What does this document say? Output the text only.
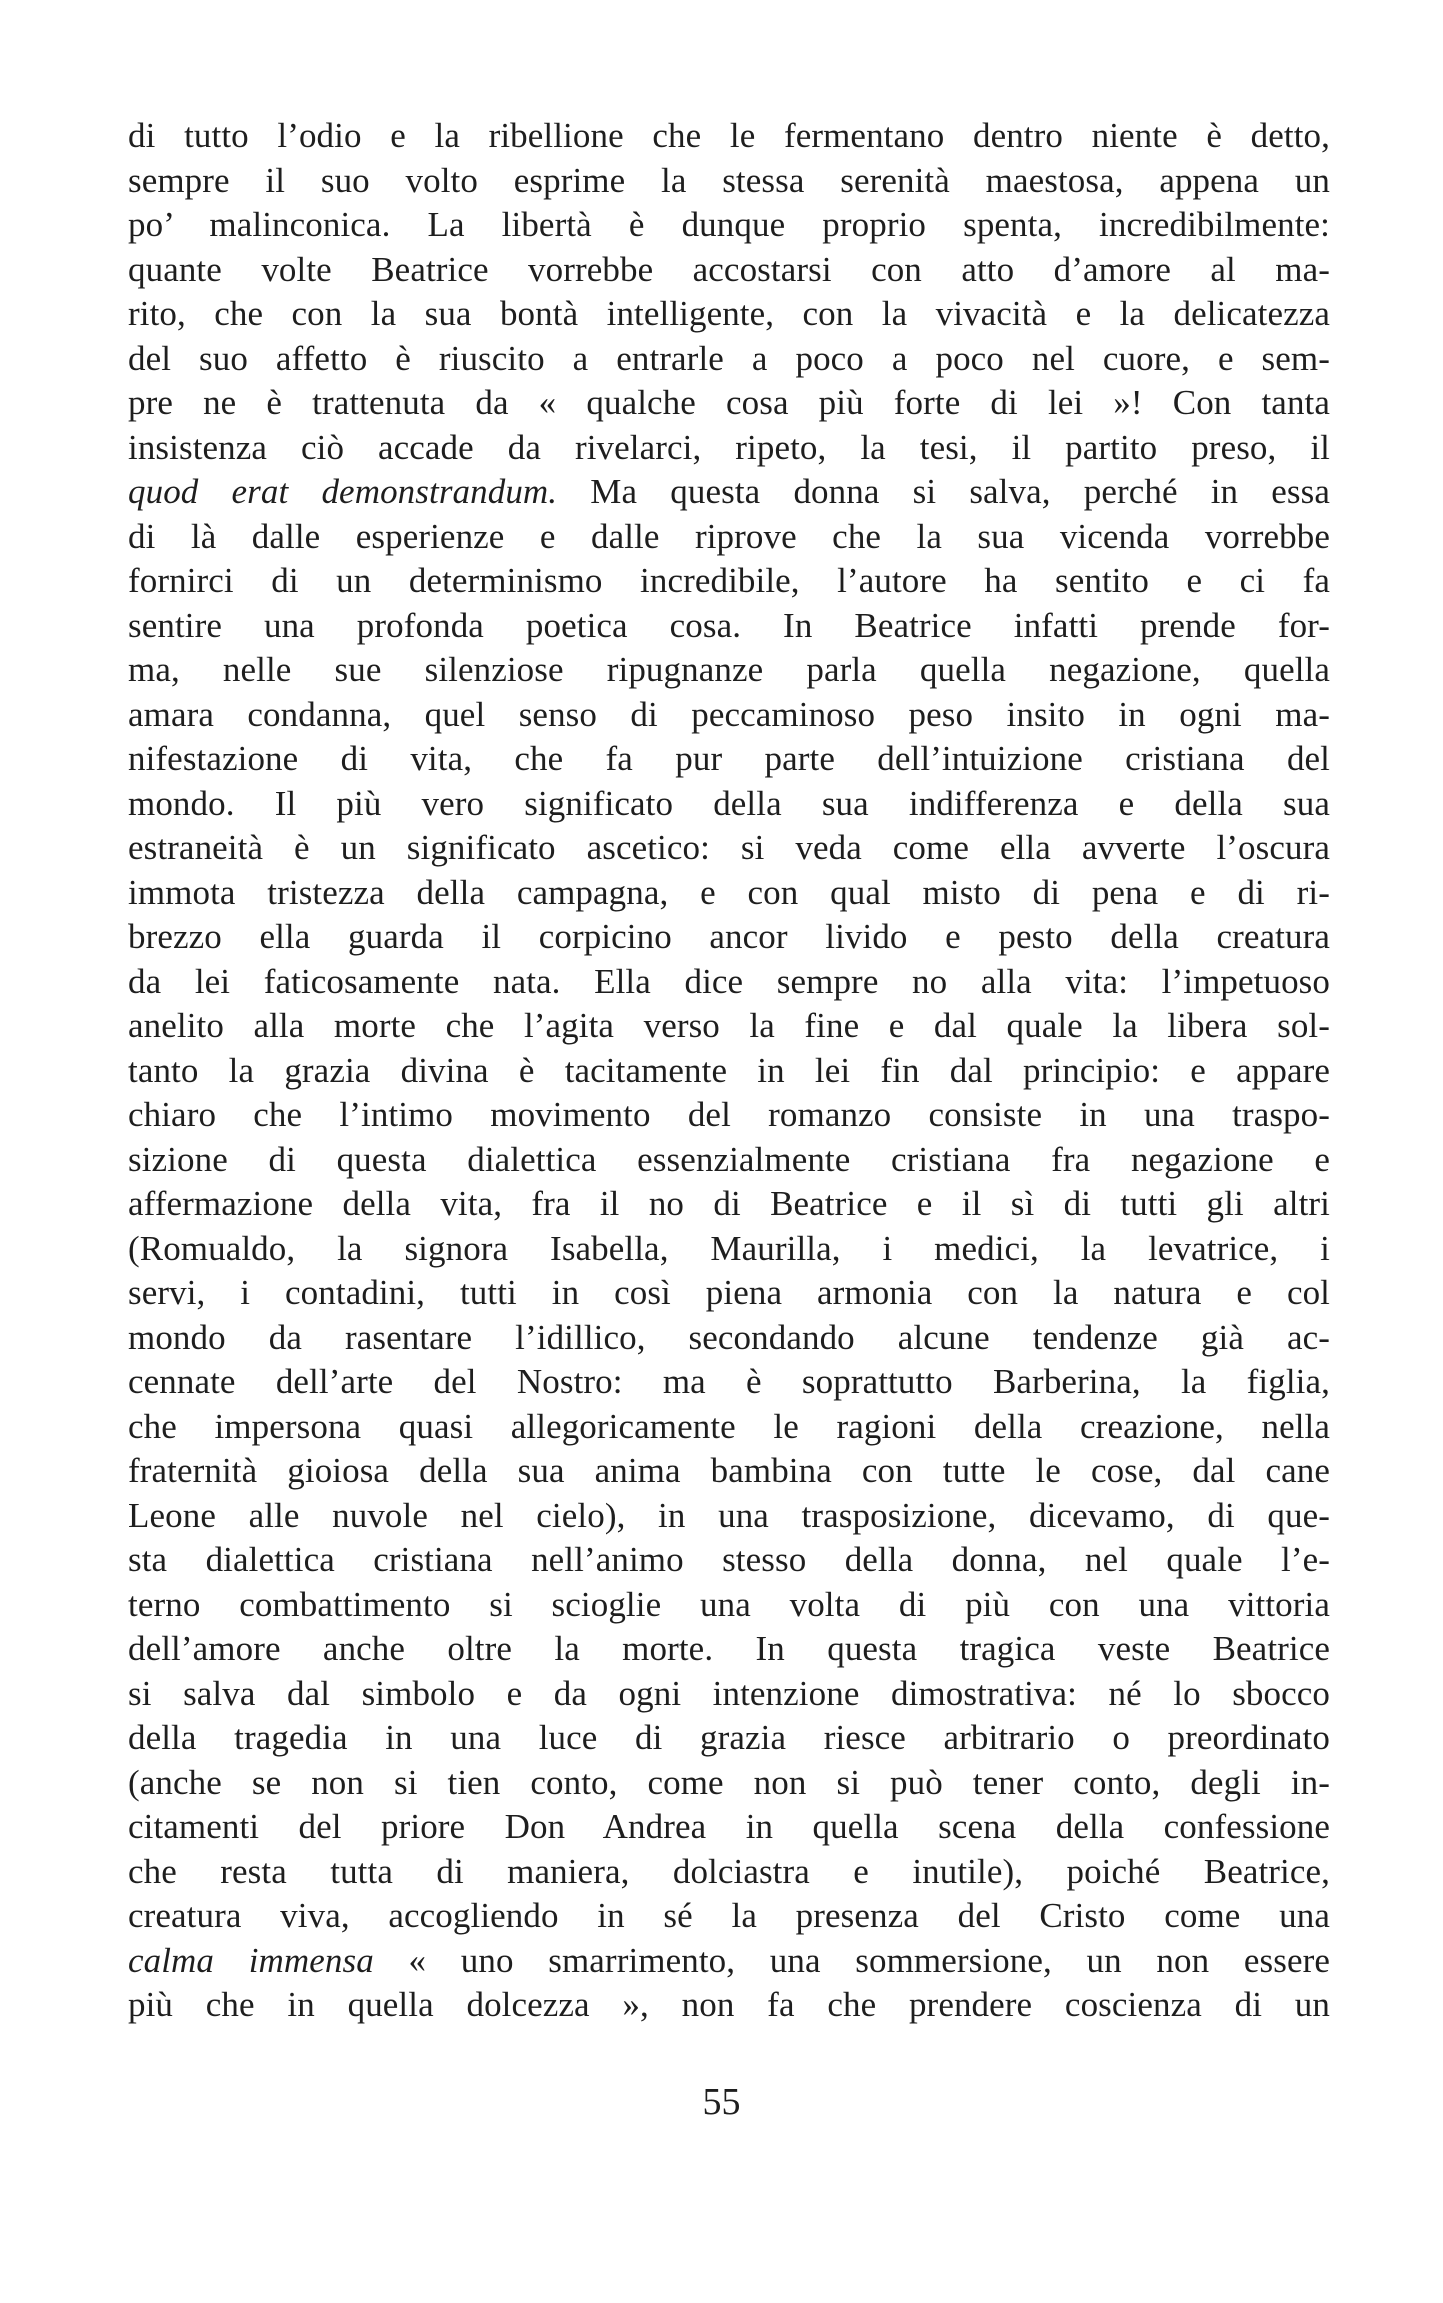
di tutto l’odio e la ribellione che le fermentano dentro niente è detto,
sempre il suo volto esprime la stessa serenità maestosa, appena un
po’ malinconica. La libertà è dunque proprio spenta, incredibilmente:
quante volte Beatrice vorrebbe accostarsi con atto d’amore al ma-
rito, che con la sua bontà intelligente, con la vivacità e la delicatezza
del suo affetto è riuscito a entrarle a poco a poco nel cuore, e sem-
pre ne è trattenuta da « qualche cosa più forte di lei »! Con tanta
insistenza ciò accade da rivelarci, ripeto, la tesi, il partito preso, il
quod erat demonstrandum. Ma questa donna si salva, perché in essa
di là dalle esperienze e dalle riprove che la sua vicenda vorrebbe
fornirci di un determinismo incredibile, l’autore ha sentito e ci fa
sentire una profonda poetica cosa. In Beatrice infatti prende for-
ma, nelle sue silenziose ripugnanze parla quella negazione, quella
amara condanna, quel senso di peccaminoso peso insito in ogni ma-
nifestazione di vita, che fa pur parte dell’intuizione cristiana del
mondo. Il più vero significato della sua indifferenza e della sua
estraneità è un significato ascetico: si veda come ella avverte l’oscura
immota tristezza della campagna, e con qual misto di pena e di ri-
brezzo ella guarda il corpicino ancor livido e pesto della creatura
da lei faticosamente nata. Ella dice sempre no alla vita: l’impetuoso
anelito alla morte che l’agita verso la fine e dal quale la libera sol-
tanto la grazia divina è tacitamente in lei fin dal principio: e appare
chiaro che l’intimo movimento del romanzo consiste in una traspo-
sizione di questa dialettica essenzialmente cristiana fra negazione e
affermazione della vita, fra il no di Beatrice e il sì di tutti gli altri
(Romualdo, la signora Isabella, Maurilla, i medici, la levatrice, i
servi, i contadini, tutti in così piena armonia con la natura e col
mondo da rasentare l’idillico, secondando alcune tendenze già ac-
cennate dell’arte del Nostro: ma è soprattutto Barberina, la figlia,
che impersona quasi allegoricamente le ragioni della creazione, nella
fraternità gioiosa della sua anima bambina con tutte le cose, dal cane
Leone alle nuvole nel cielo), in una trasposizione, dicevamo, di que-
sta dialettica cristiana nell’animo stesso della donna, nel quale l’e-
terno combattimento si scioglie una volta di più con una vittoria
dell’amore anche oltre la morte. In questa tragica veste Beatrice
si salva dal simbolo e da ogni intenzione dimostrativa: né lo sbocco
della tragedia in una luce di grazia riesce arbitrario o preordinato
(anche se non si tien conto, come non si può tener conto, degli in-
citamenti del priore Don Andrea in quella scena della confessione
che resta tutta di maniera, dolciastra e inutile), poiché Beatrice,
creatura viva, accogliendo in sé la presenza del Cristo come una
calma immensa « uno smarrimento, una sommersione, un non essere
più che in quella dolcezza », non fa che prendere coscienza di un
55
